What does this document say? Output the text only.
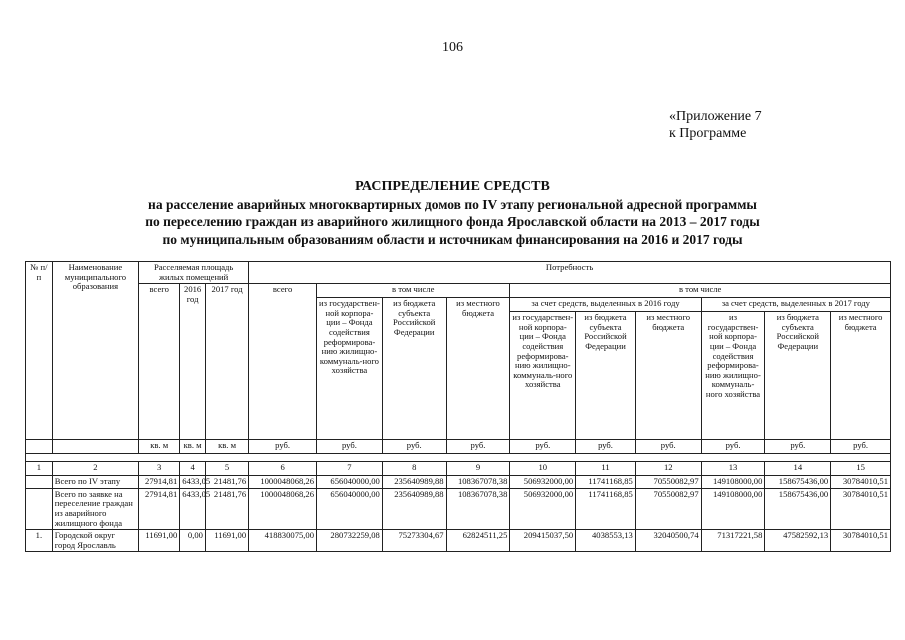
106
«Приложение 7
к Программе
РАСПРЕДЕЛЕНИЕ СРЕДСТВ
на расселение аварийных многоквартирных домов по IV этапу региональной адресной программы
по переселению граждан из аварийного жилищного фонда Ярославской области на 2013 – 2017 годы
по муниципальным образованиям области и источникам финансирования на 2016 и 2017 годы
№ п/п	Наименование муниципального образования	Расселяемая площадь жилых помещений			Потребность									
		всего	2016 год	2017 год	всего	в том числе			в том числе					
						из государствен-ной корпора-ции – Фонда содействия реформирова-нию жилищно-коммуналь-ного хозяйства	из бюджета субъекта Российской Федерации	из местного бюджета	за счет средств, выделенных в 2016 году			за счет средств, выделенных в 2017 году		
									из государствен-ной корпора-ции – Фонда содействия реформирова-нию жилищно-коммуналь-ного хозяйства	из бюджета субъекта Российской Федерации	из местного бюджета	из государствен-ной корпора-ции – Фонда содействия реформирова-нию жилищно-коммуналь-ного хозяйства	из бюджета субъекта Российской Федерации	из местного бюджета
		кв. м	кв. м	кв. м	руб.	руб.	руб.	руб.	руб.	руб.	руб.	руб.	руб.	руб.

1	2	3	4	5	6	7	8	9	10	11	12	13	14	15
	Всего по IV этапу	27914,81	6433,05	21481,76	1000048068,26	656040000,00	235640989,88	108367078,38	506932000,00	11741168,85	70550082,97	149108000,00	158675436,00	30784010,51
	Всего по заявке на переселение граждан из аварийного жилищного фонда	27914,81	6433,05	21481,76	1000048068,26	656040000,00	235640989,88	108367078,38	506932000,00	11741168,85	70550082,97	149108000,00	158675436,00	30784010,51
1.	Городской округ город Ярославль	11691,00	0,00	11691,00	418830075,00	280732259,08	75273304,67	62824511,25	209415037,50	4038553,13	32040500,74	71317221,58	47582592,13	30784010,51
